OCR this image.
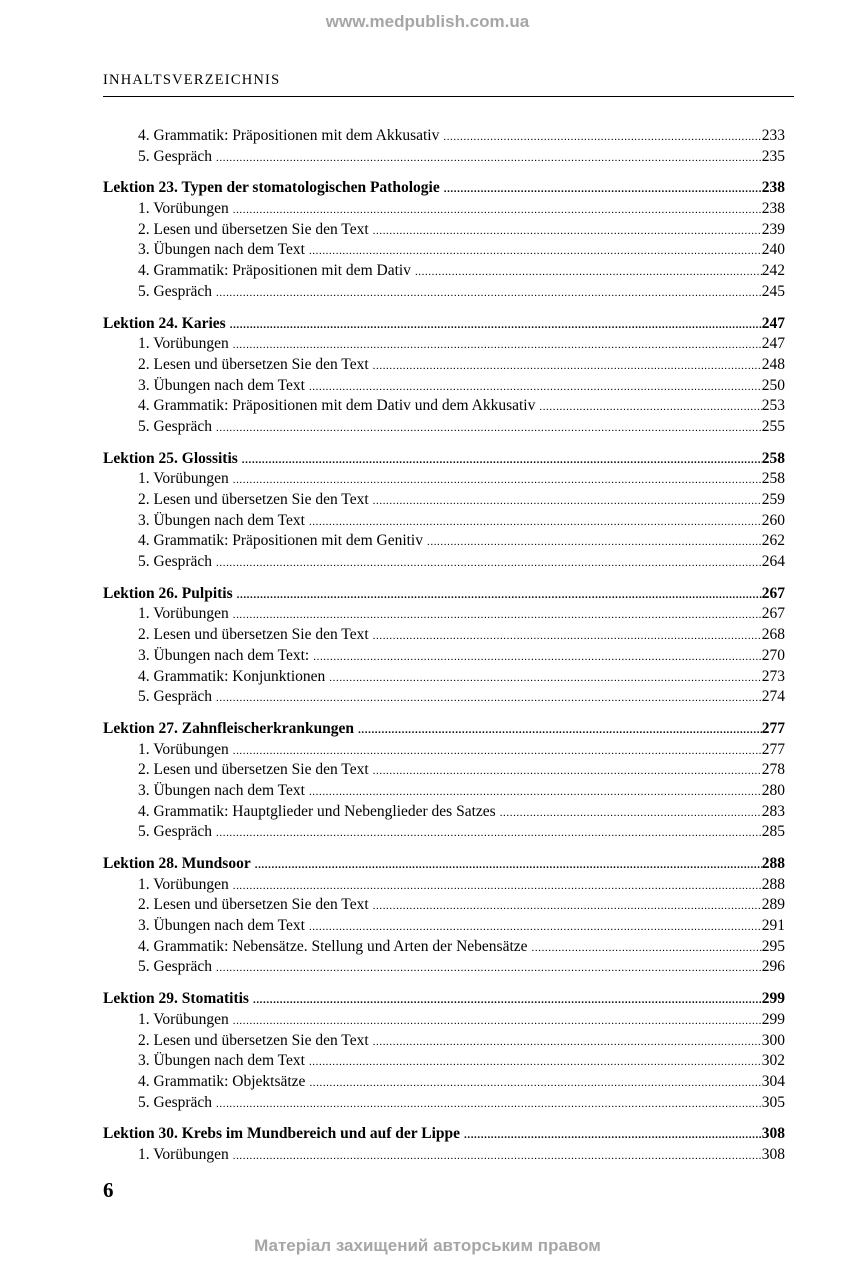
www.medpublish.com.ua
INHALTSVERZEICHNIS
4. Grammatik: Präpositionen mit dem Akkusativ .....	233
5. Gespräch .....	235
Lektion 23. Typen der stomatologischen Pathologie .....	238
1. Vorübungen .....	238
2. Lesen und übersetzen Sie den Text .....	239
3. Übungen nach dem Text .....	240
4. Grammatik: Präpositionen mit dem Dativ .....	242
5. Gespräch .....	245
Lektion 24. Karies .....	247
1. Vorübungen .....	247
2. Lesen und übersetzen Sie den Text .....	248
3. Übungen nach dem Text .....	250
4. Grammatik: Präpositionen mit dem Dativ und dem Akkusativ .....	253
5. Gespräch .....	255
Lektion 25. Glossitis .....	258
1. Vorübungen .....	258
2. Lesen und übersetzen Sie den Text .....	259
3. Übungen nach dem Text .....	260
4. Grammatik: Präpositionen mit dem Genitiv .....	262
5. Gespräch .....	264
Lektion 26. Pulpitis .....	267
1. Vorübungen .....	267
2. Lesen und übersetzen Sie den Text .....	268
3. Übungen nach dem Text: .....	270
4. Grammatik: Konjunktionen .....	273
5. Gespräch .....	274
Lektion 27. Zahnfleischerkrankungen .....	277
1. Vorübungen .....	277
2. Lesen und übersetzen Sie den Text .....	278
3. Übungen nach dem Text .....	280
4. Grammatik: Hauptglieder und Nebenglieder des Satzes .....	283
5. Gespräch .....	285
Lektion 28. Mundsoor .....	288
1. Vorübungen .....	288
2. Lesen und übersetzen Sie den Text .....	289
3. Übungen nach dem Text .....	291
4. Grammatik: Nebensätze. Stellung und Arten der Nebensätze .....	295
5. Gespräch .....	296
Lektion 29. Stomatitis .....	299
1. Vorübungen .....	299
2. Lesen und übersetzen Sie den Text .....	300
3. Übungen nach dem Text .....	302
4. Grammatik: Objektsätze .....	304
5. Gespräch .....	305
Lektion 30. Krebs im Mundbereich und auf der Lippe .....	308
1. Vorübungen .....	308
6
Матеріал захищений авторським правом
